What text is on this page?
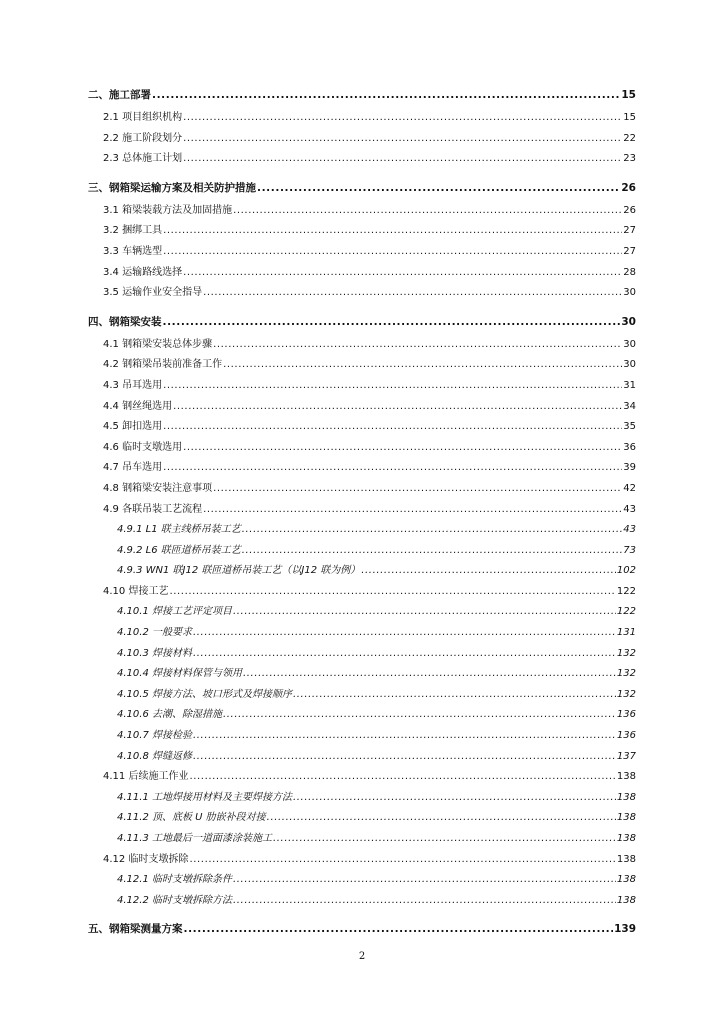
二、施工部署 .....	15
2.1 项目组织机构 .....	15
2.2 施工阶段划分 .....	22
2.3 总体施工计划 .....	23
三、钢箱梁运输方案及相关防护措施 .....	26
3.1 箱梁装载方法及加固措施 .....	26
3.2 捆绑工具 .....	27
3.3 车辆选型 .....	27
3.4 运输路线选择 .....	28
3.5 运输作业安全指导 .....	30
四、钢箱梁安装 .....	30
4.1 钢箱梁安装总体步骤 .....	30
4.2 钢箱梁吊装前准备工作 .....	30
4.3 吊耳选用 .....	31
4.4 钢丝绳选用 .....	34
4.5 卸扣选用 .....	35
4.6 临时支墩选用 .....	36
4.7 吊车选用 .....	39
4.8 钢箱梁安装注意事项 .....	42
4.9 各联吊装工艺流程 .....	43
4.9.1 L1 联主线桥吊装工艺 .....	43
4.9.2 L6 联匝道桥吊装工艺 .....	73
4.9.3 WN1 联J12 联匝道桥吊装工艺（以J12 联为例） .....	102
4.10 焊接工艺 .....	122
4.10.1 焊接工艺评定项目 .....	122
4.10.2 一般要求 .....	131
4.10.3 焊接材料 .....	132
4.10.4 焊接材料保管与领用 .....	132
4.10.5 焊接方法、坡口形式及焊接顺序 .....	132
4.10.6 去潮、除湿措施 .....	136
4.10.7 焊接检验 .....	136
4.10.8 焊缝返修 .....	137
4.11 后续施工作业 .....	138
4.11.1 工地焊接用材料及主要焊接方法 .....	138
4.11.2 顶、底板 U 肋嵌补段对接 .....	138
4.11.3 工地最后一道面漆涂装施工 .....	138
4.12 临时支墩拆除 .....	138
4.12.1 临时支墩拆除条件 .....	138
4.12.2 临时支墩拆除方法 .....	138
五、钢箱梁测量方案 .....	139
2
